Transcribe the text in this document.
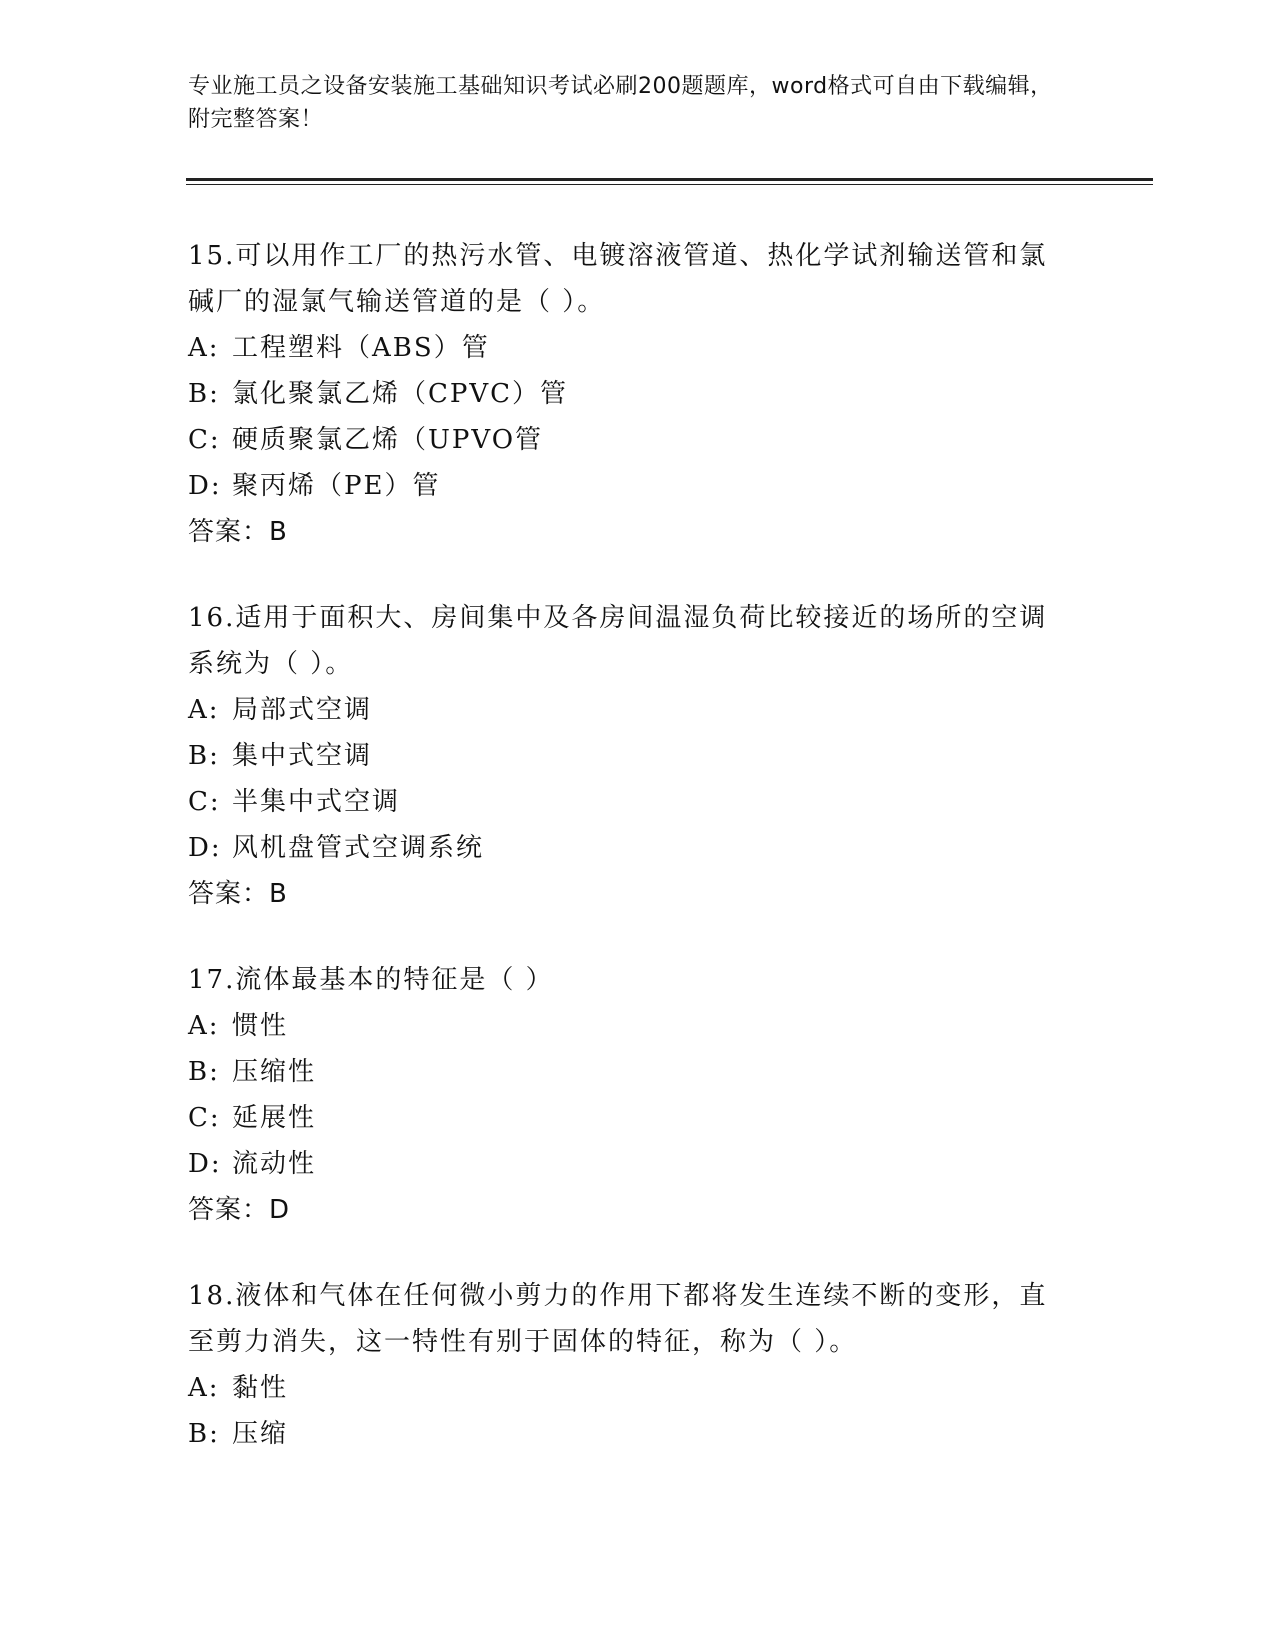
专业施工员之设备安装施工基础知识考试必刷200题题库，word格式可自由下载编辑，附完整答案！
15.可以用作工厂的热污水管、电镀溶液管道、热化学试剂输送管和氯碱厂的湿氯气输送管道的是（ ）。
A: 工程塑料（ABS）管
B: 氯化聚氯乙烯（CPVC）管
C: 硬质聚氯乙烯（UPVO管
D: 聚丙烯（PE）管
答案：B
16.适用于面积大、房间集中及各房间温湿负荷比较接近的场所的空调系统为（ ）。
A: 局部式空调
B: 集中式空调
C: 半集中式空调
D: 风机盘管式空调系统
答案：B
17.流体最基本的特征是（ ）
A: 惯性
B: 压缩性
C: 延展性
D: 流动性
答案：D
18.液体和气体在任何微小剪力的作用下都将发生连续不断的变形，直至剪力消失，这一特性有别于固体的特征，称为（ ）。
A: 黏性
B: 压缩
